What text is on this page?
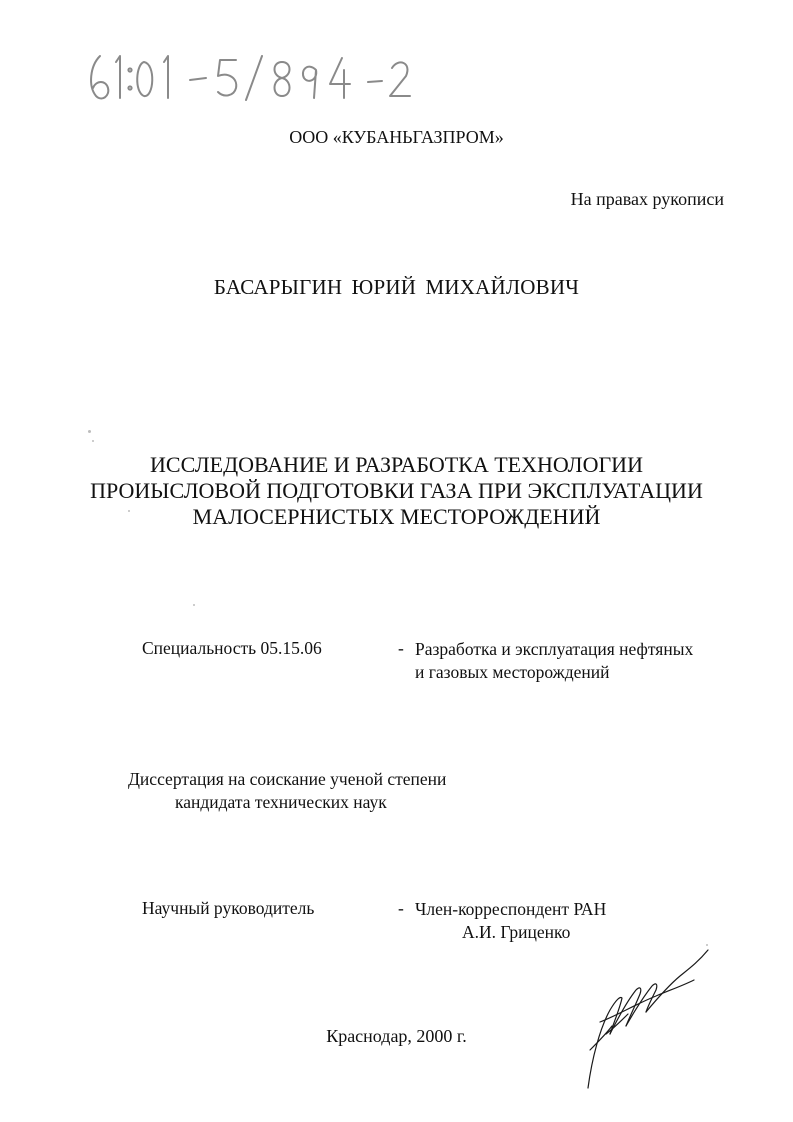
ООО «КУБАНЬГАЗПРОМ»
На правах рукописи
БАСАРЫГИН ЮРИЙ МИХАЙЛОВИЧ
ИССЛЕДОВАНИЕ И РАЗРАБОТКА ТЕХНОЛОГИИ
ПРОИЫСЛОВОЙ ПОДГОТОВКИ ГАЗА ПРИ ЭКСПЛУАТАЦИИ
МАЛОСЕРНИСТЫХ МЕСТОРОЖДЕНИЙ
Специальность 05.15.06	- Разработка и эксплуатация нефтяных
и газовых месторождений
Диссертация на соискание ученой степени
кандидата технических наук
Научный руководитель	- Член-корреспондент РАН
А.И. Гриценко
Краснодар, 2000 г.
